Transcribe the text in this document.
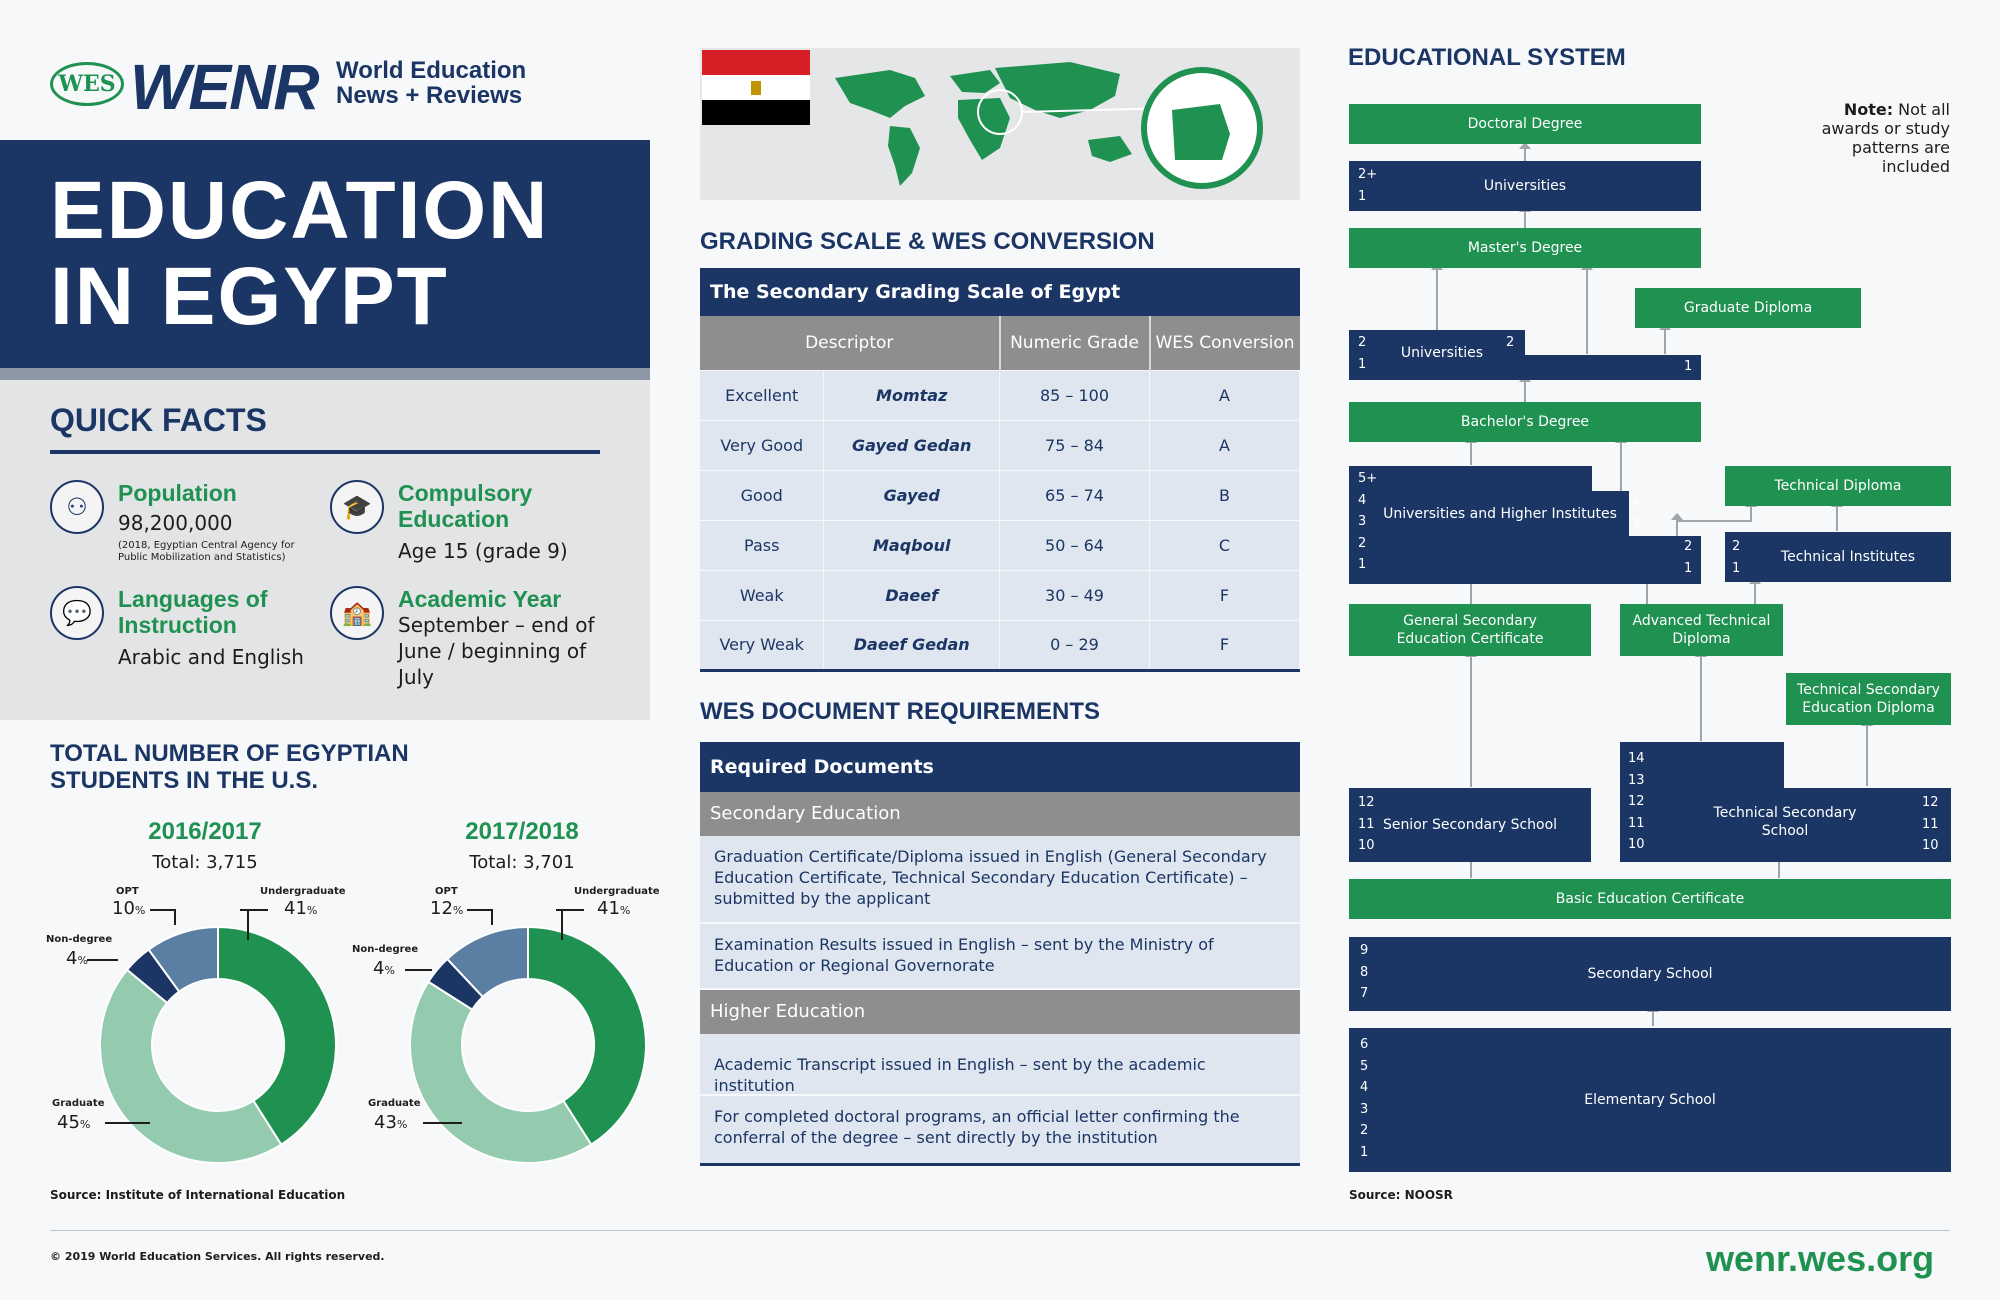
WES WENR World Education
News + Reviews
EDUCATION
IN EGYPT
QUICK FACTS
⚇	Population
98,200,000
(2018, Egyptian Central Agency for Public Mobilization and Statistics)
🎓	Compulsory Education
Age 15 (grade 9)
💬	Languages of Instruction
Arabic and English
🏫	Academic Year
September – end of June / beginning of July
TOTAL NUMBER OF EGYPTIAN
STUDENTS IN THE U.S.
2016/2017
Total: 3,715
2017/2018
Total: 3,701
OPT
10%
Undergraduate
41%
Non-degree
4%
Graduate
45%
OPT
12%
Undergraduate
41%
Non-degree
4%
Graduate
43%
Source: Institute of International Education
GRADING SCALE & WES CONVERSION
The Secondary Grading Scale of Egypt			
Descriptor		Numeric Grade	WES Conversion
Excellent	Momtaz	85 – 100	A
Very Good	Gayed Gedan	75 – 84	A
Good	Gayed	65 – 74	B
Pass	Maqboul	50 – 64	C
Weak	Daeef	30 – 49	F
Very Weak	Daeef Gedan	0 – 29	F
WES DOCUMENT REQUIREMENTS
Required Documents
Secondary Education
Graduation Certificate/Diploma issued in English (General Secondary Education Certificate, Technical Secondary Education Certificate) – submitted by the applicant
Examination Results issued in English – sent by the Ministry of Education or Regional Governorate
Higher Education
Academic Transcript issued in English – sent by the academic institution
For completed doctoral programs, an official letter confirming the conferral of the degree – sent directly by the institution
EDUCATIONAL SYSTEM
Note: Not all awards or study patterns are included
Doctoral Degree
Universities
2+
1
Master's Degree
Graduate Diploma
Universities
2
1
2
1
Bachelor's Degree
Technical Diploma
Universities and Higher Institutes
5+
4
3
2
1
4
3
2
1
Technical Institutes
2
1
General Secondary Education Certificate
Advanced Technical Diploma
Technical Secondary Education Diploma
Senior Secondary School
12
11
10
Technical Secondary School
14
13
12
11
10
12
11
10
Basic Education Certificate
Secondary School
9
8
7
Elementary School
6
5
4
3
2
1
Source: NOOSR
© 2019 World Education Services. All rights reserved.	wenr.wes.org
